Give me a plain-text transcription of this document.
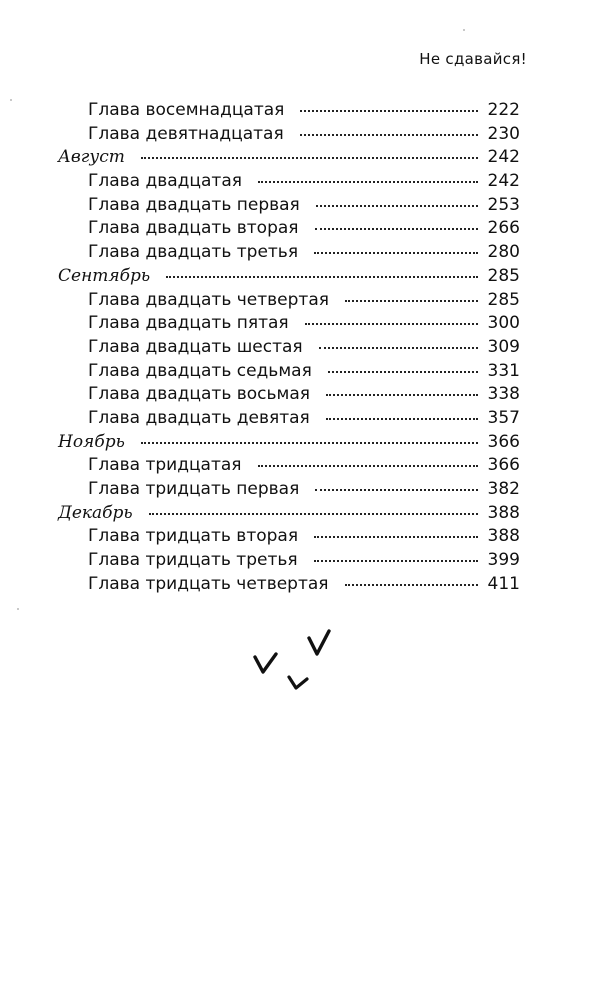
Не сдавайся!
Глава восемнадцатая	222
Глава девятнадцатая	230
Август	242
Глава двадцатая	242
Глава двадцать первая	253
Глава двадцать вторая	266
Глава двадцать третья	280
Сентябрь	285
Глава двадцать четвертая	285
Глава двадцать пятая	300
Глава двадцать шестая	309
Глава двадцать седьмая	331
Глава двадцать восьмая	338
Глава двадцать девятая	357
Ноябрь	366
Глава тридцатая	366
Глава тридцать первая	382
Декабрь	388
Глава тридцать вторая	388
Глава тридцать третья	399
Глава тридцать четвертая	411
